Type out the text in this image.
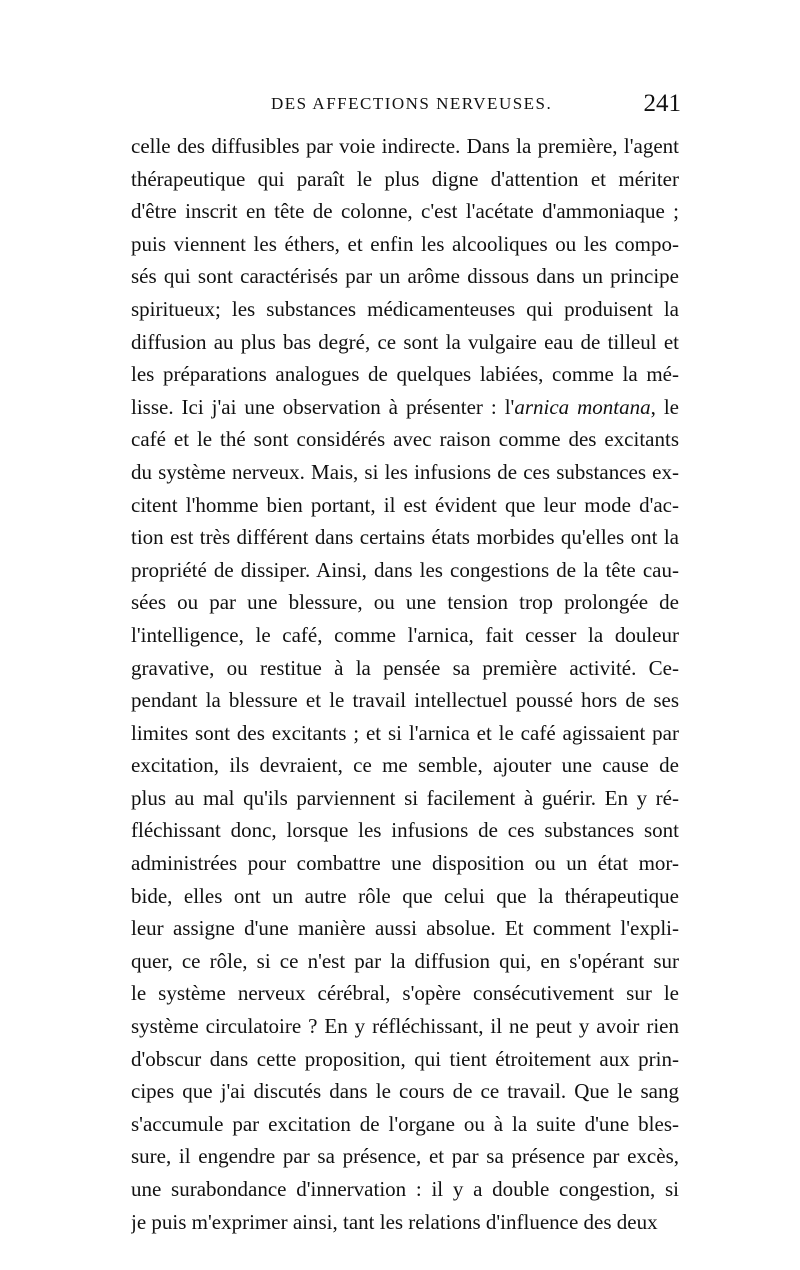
DES AFFECTIONS NERVEUSES.	241
celle des diffusibles par voie indirecte. Dans la première, l'agent
thérapeutique qui paraît le plus digne d'attention et mériter
d'être inscrit en tête de colonne, c'est l'acétate d'ammoniaque ;
puis viennent les éthers, et enfin les alcooliques ou les compo-
sés qui sont caractérisés par un arôme dissous dans un principe
spiritueux; les substances médicamenteuses qui produisent la
diffusion au plus bas degré, ce sont la vulgaire eau de tilleul et
les préparations analogues de quelques labiées, comme la mé-
lisse. Ici j'ai une observation à présenter : l'arnica montana, le
café et le thé sont considérés avec raison comme des excitants
du système nerveux. Mais, si les infusions de ces substances ex-
citent l'homme bien portant, il est évident que leur mode d'ac-
tion est très différent dans certains états morbides qu'elles ont la
propriété de dissiper. Ainsi, dans les congestions de la tête cau-
sées ou par une blessure, ou une tension trop prolongée de
l'intelligence, le café, comme l'arnica, fait cesser la douleur
gravative, ou restitue à la pensée sa première activité. Ce-
pendant la blessure et le travail intellectuel poussé hors de ses
limites sont des excitants ; et si l'arnica et le café agissaient par
excitation, ils devraient, ce me semble, ajouter une cause de
plus au mal qu'ils parviennent si facilement à guérir. En y ré-
fléchissant donc, lorsque les infusions de ces substances sont
administrées pour combattre une disposition ou un état mor-
bide, elles ont un autre rôle que celui que la thérapeutique
leur assigne d'une manière aussi absolue. Et comment l'expli-
quer, ce rôle, si ce n'est par la diffusion qui, en s'opérant sur
le système nerveux cérébral, s'opère consécutivement sur le
système circulatoire ? En y réfléchissant, il ne peut y avoir rien
d'obscur dans cette proposition, qui tient étroitement aux prin-
cipes que j'ai discutés dans le cours de ce travail. Que le sang
s'accumule par excitation de l'organe ou à la suite d'une bles-
sure, il engendre par sa présence, et par sa présence par excès,
une surabondance d'innervation : il y a double congestion, si
je puis m'exprimer ainsi, tant les relations d'influence des deux
